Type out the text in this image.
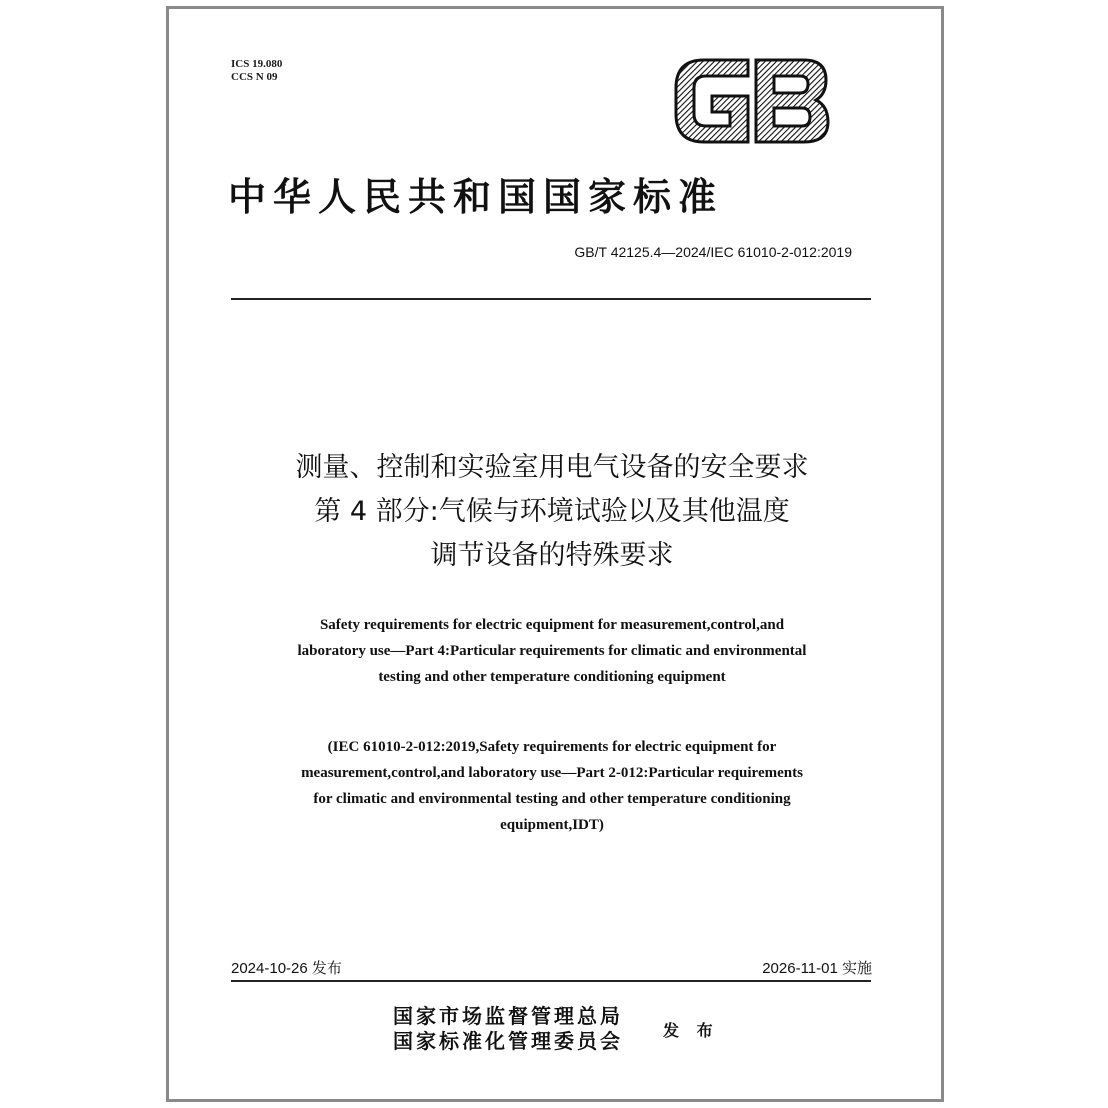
ICS 19.080
CCS N 09
GB
中华人民共和国国家标准
GB/T 42125.4—2024/IEC 61010-2-012:2019
测量、控制和实验室用电气设备的安全要求
第 4 部分:气候与环境试验以及其他温度
调节设备的特殊要求
Safety requirements for electric equipment for measurement,control,and
laboratory use—Part 4:Particular requirements for climatic and environmental
testing and other temperature conditioning equipment
(IEC 61010-2-012:2019,Safety requirements for electric equipment for
measurement,control,and laboratory use—Part 2-012:Particular requirements
for climatic and environmental testing and other temperature conditioning
equipment,IDT)
2024-10-26 发布	2026-11-01 实施
国家市场监督管理总局
国家标准化管理委员会	发 布
